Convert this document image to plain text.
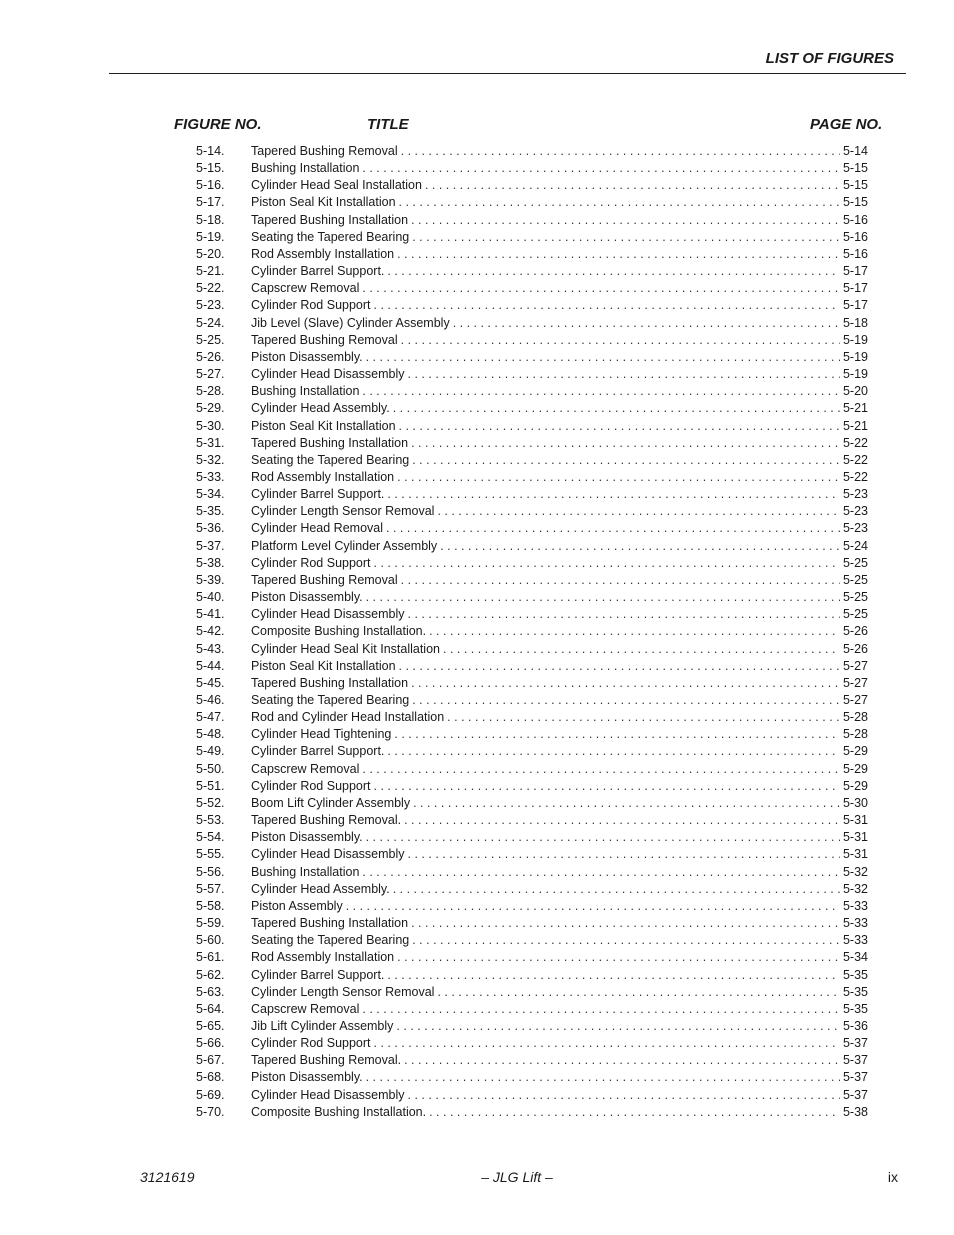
LIST OF FIGURES
FIGURE NO.	TITLE	PAGE NO.
5-14.	Tapered Bushing Removal . . .	5-14
5-15.	Bushing Installation . . .	5-15
5-16.	Cylinder Head Seal Installation . . .	5-15
5-17.	Piston Seal Kit Installation . . .	5-15
5-18.	Tapered Bushing Installation . . .	5-16
5-19.	Seating the Tapered Bearing . . .	5-16
5-20.	Rod Assembly Installation . . .	5-16
5-21.	Cylinder Barrel Support. . . .	5-17
5-22.	Capscrew Removal . . .	5-17
5-23.	Cylinder Rod Support . . .	5-17
5-24.	Jib Level (Slave) Cylinder Assembly . . .	5-18
5-25.	Tapered Bushing Removal . . .	5-19
5-26.	Piston Disassembly. . . .	5-19
5-27.	Cylinder Head Disassembly . . .	5-19
5-28.	Bushing Installation . . .	5-20
5-29.	Cylinder Head Assembly. . . .	5-21
5-30.	Piston Seal Kit Installation . . .	5-21
5-31.	Tapered Bushing Installation . . .	5-22
5-32.	Seating the Tapered Bearing . . .	5-22
5-33.	Rod Assembly Installation . . .	5-22
5-34.	Cylinder Barrel Support. . . .	5-23
5-35.	Cylinder Length Sensor Removal . . .	5-23
5-36.	Cylinder Head Removal . . .	5-23
5-37.	Platform Level Cylinder Assembly . . .	5-24
5-38.	Cylinder Rod Support . . .	5-25
5-39.	Tapered Bushing Removal . . .	5-25
5-40.	Piston Disassembly. . . .	5-25
5-41.	Cylinder Head Disassembly . . .	5-25
5-42.	Composite Bushing Installation. . . .	5-26
5-43.	Cylinder Head Seal Kit Installation . . .	5-26
5-44.	Piston Seal Kit Installation . . .	5-27
5-45.	Tapered Bushing Installation . . .	5-27
5-46.	Seating the Tapered Bearing . . .	5-27
5-47.	Rod and Cylinder Head Installation . . .	5-28
5-48.	Cylinder Head Tightening . . .	5-28
5-49.	Cylinder Barrel Support. . . .	5-29
5-50.	Capscrew Removal . . .	5-29
5-51.	Cylinder Rod Support . . .	5-29
5-52.	Boom Lift Cylinder Assembly . . .	5-30
5-53.	Tapered Bushing Removal. . . .	5-31
5-54.	Piston Disassembly. . . .	5-31
5-55.	Cylinder Head Disassembly . . .	5-31
5-56.	Bushing Installation . . .	5-32
5-57.	Cylinder Head Assembly. . . .	5-32
5-58.	Piston Assembly . . .	5-33
5-59.	Tapered Bushing Installation . . .	5-33
5-60.	Seating the Tapered Bearing . . .	5-33
5-61.	Rod Assembly Installation . . .	5-34
5-62.	Cylinder Barrel Support. . . .	5-35
5-63.	Cylinder Length Sensor Removal . . .	5-35
5-64.	Capscrew Removal . . .	5-35
5-65.	Jib Lift Cylinder Assembly . . .	5-36
5-66.	Cylinder Rod Support . . .	5-37
5-67.	Tapered Bushing Removal. . . .	5-37
5-68.	Piston Disassembly. . . .	5-37
5-69.	Cylinder Head Disassembly . . .	5-37
5-70.	Composite Bushing Installation. . . .	5-38
3121619	– JLG Lift –	ix
